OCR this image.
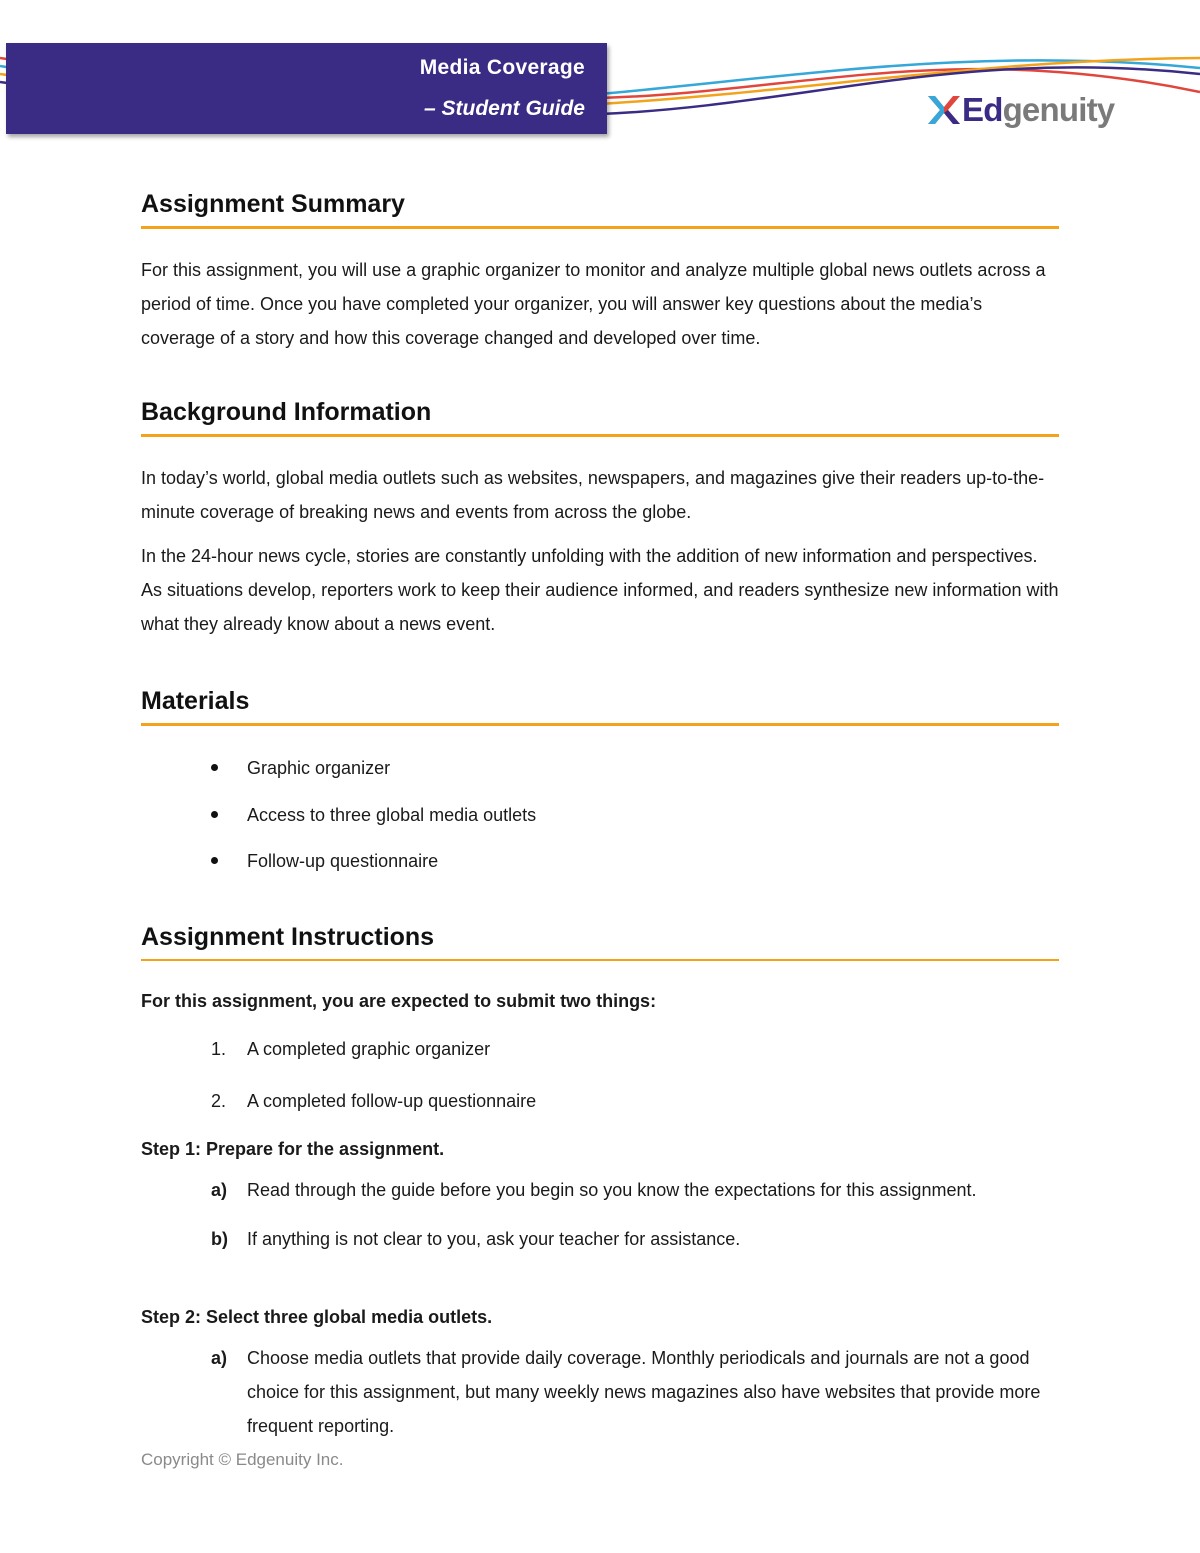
Media Coverage
– Student Guide	Edgenuity
Assignment Summary

For this assignment, you will use a graphic organizer to monitor and analyze multiple global news outlets across a period of time. Once you have completed your organizer, you will answer key questions about the media’s coverage of a story and how this coverage changed and developed over time.

Background Information

In today’s world, global media outlets such as websites, newspapers, and magazines give their readers up-to-the-minute coverage of breaking news and events from across the globe.

In the 24-hour news cycle, stories are constantly unfolding with the addition of new information and perspectives. As situations develop, reporters work to keep their audience informed, and readers synthesize new information with what they already know about a news event.

Materials
Graphic organizer
Access to three global media outlets
Follow-up questionnaire
Assignment Instructions
For this assignment, you are expected to submit two things:
1. A completed graphic organizer
2. A completed follow-up questionnaire
Step 1: Prepare for the assignment.
a) Read through the guide before you begin so you know the expectations for this assignment.
b) If anything is not clear to you, ask your teacher for assistance.
Step 2: Select three global media outlets.
a) Choose media outlets that provide daily coverage. Monthly periodicals and journals are not a good choice for this assignment, but many weekly news magazines also have websites that provide more frequent reporting.
Copyright © Edgenuity Inc.
